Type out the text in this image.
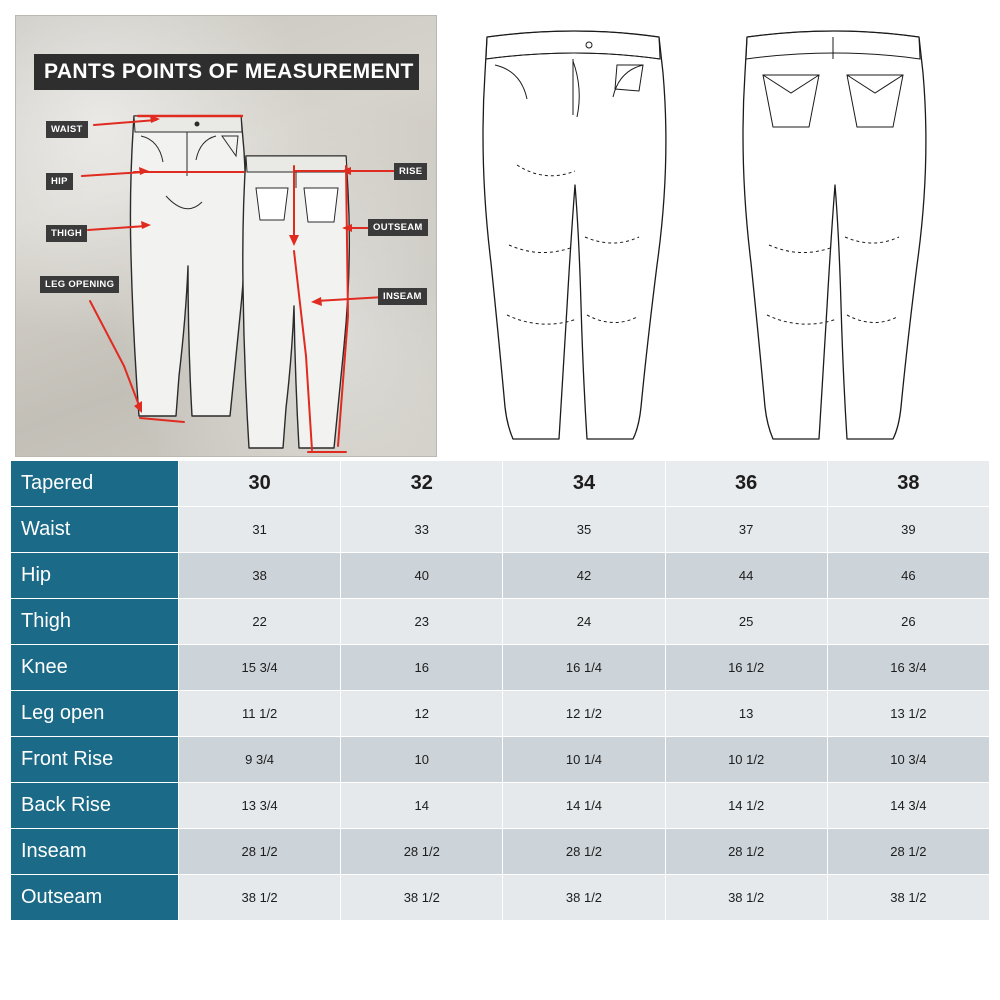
PANTS POINTS OF MEASUREMENT
WAIST
HIP
THIGH
LEG OPENING
RISE
OUTSEAM
INSEAM
Tapered	30	32	34	36	38
Waist	31	33	35	37	39
Hip	38	40	42	44	46
Thigh	22	23	24	25	26
Knee	15 3/4	16	16 1/4	16 1/2	16 3/4
Leg open	11 1/2	12	12 1/2	13	13 1/2
Front Rise	9 3/4	10	10 1/4	10 1/2	10 3/4
Back Rise	13 3/4	14	14 1/4	14 1/2	14 3/4
Inseam	28 1/2	28 1/2	28 1/2	28 1/2	28 1/2
Outseam	38 1/2	38 1/2	38 1/2	38 1/2	38 1/2
